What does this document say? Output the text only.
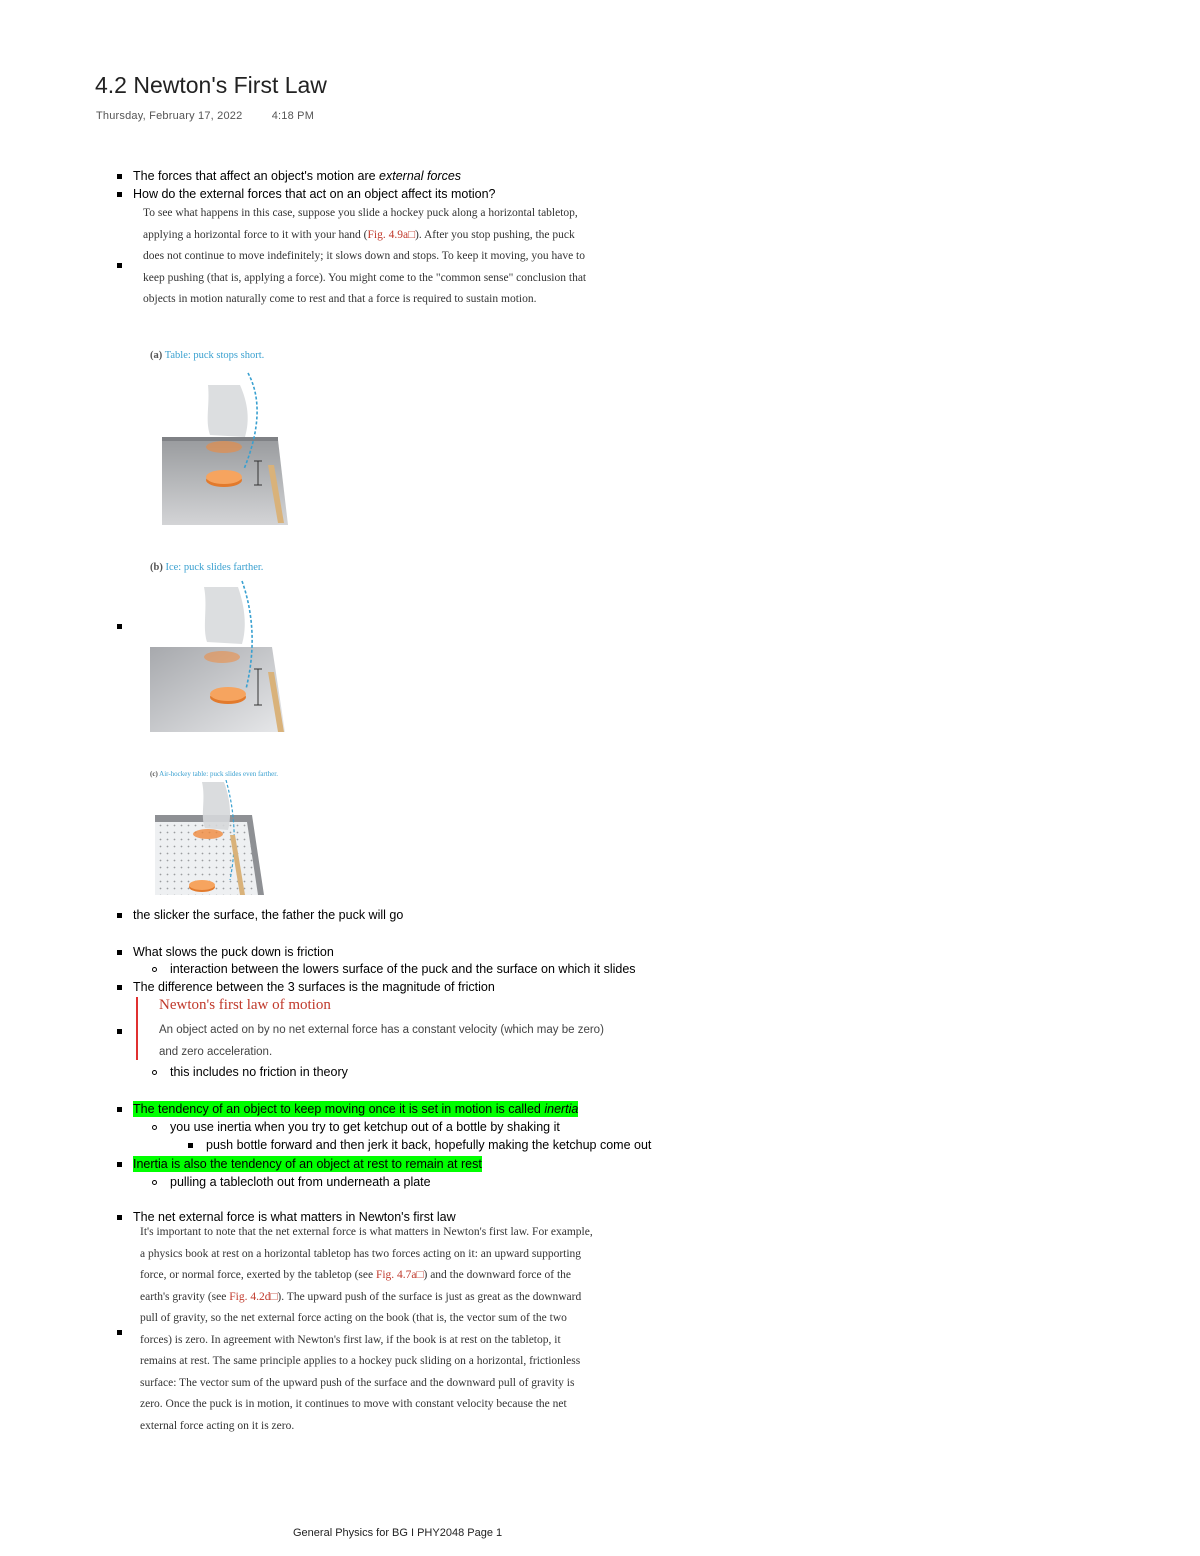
4.2 Newton's First Law
Thursday, February 17, 2022	4:18 PM
The forces that affect an object's motion are external forces
How do the external forces that act on an object affect its motion?
To see what happens in this case, suppose you slide a hockey puck along a horizontal tabletop,
applying a horizontal force to it with your hand (Fig. 4.9a□). After you stop pushing, the puck
does not continue to move indefinitely; it slows down and stops. To keep it moving, you have to
keep pushing (that is, applying a force). You might come to the "common sense" conclusion that
objects in motion naturally come to rest and that a force is required to sustain motion.
(a) Table: puck stops short.
(b) Ice: puck slides farther.
(c) Air-hockey table: puck slides even farther.
the slicker the surface, the father the puck will go
What slows the puck down is friction
interaction between the lowers surface of the puck and the surface on which it slides
The difference between the 3 surfaces is the magnitude of friction
Newton's first law of motion
An object acted on by no net external force has a constant velocity (which may be zero)
and zero acceleration.
this includes no friction in theory
The tendency of an object to keep moving once it is set in motion is called inertia
you use inertia when you try to get ketchup out of a bottle by shaking it
push bottle forward and then jerk it back, hopefully making the ketchup come out
Inertia is also the tendency of an object at rest to remain at rest
pulling a tablecloth out from underneath a plate
The net external force is what matters in Newton's first law
It's important to note that the net external force is what matters in Newton's first law. For example,
a physics book at rest on a horizontal tabletop has two forces acting on it: an upward supporting
force, or normal force, exerted by the tabletop (see Fig. 4.7a□) and the downward force of the
earth's gravity (see Fig. 4.2d□). The upward push of the surface is just as great as the downward
pull of gravity, so the net external force acting on the book (that is, the vector sum of the two
forces) is zero. In agreement with Newton's first law, if the book is at rest on the tabletop, it
remains at rest. The same principle applies to a hockey puck sliding on a horizontal, frictionless
surface: The vector sum of the upward push of the surface and the downward pull of gravity is
zero. Once the puck is in motion, it continues to move with constant velocity because the net
external force acting on it is zero.
General Physics for BG I PHY2048 Page 1
